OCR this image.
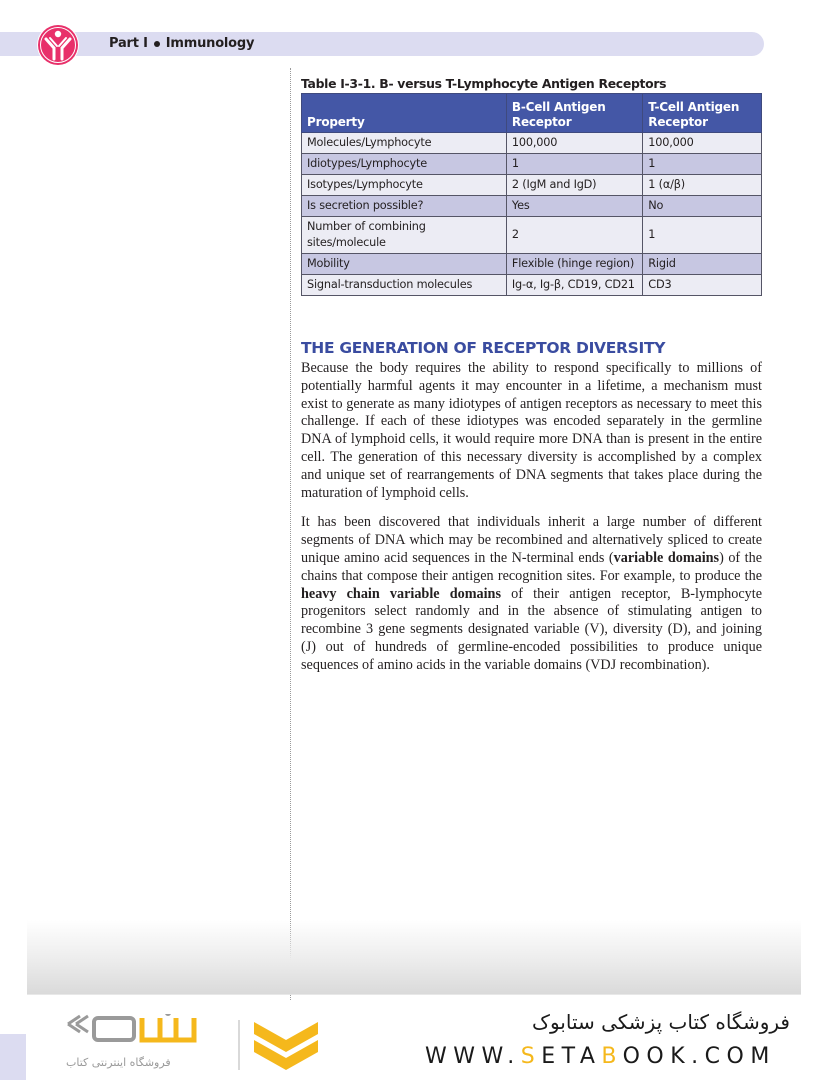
Part I Immunology
Table I-3-1. B- versus T-Lymphocyte Antigen Receptors
Property	B-Cell Antigen Receptor	T-Cell Antigen Receptor
Molecules/Lymphocyte	100,000	100,000
Idiotypes/Lymphocyte	1	1
Isotypes/Lymphocyte	2 (IgM and IgD)	1 (α/β)
Is secretion possible?	Yes	No
Number of combining sites/molecule	2	1
Mobility	Flexible (hinge region)	Rigid
Signal-transduction molecules	Ig-α, Ig-β, CD19, CD21	CD3
THE GENERATION OF RECEPTOR DIVERSITY

Because the body requires the ability to respond specifically to millions of potentially harmful agents it may encounter in a lifetime, a mechanism must exist to generate as many idiotypes of antigen receptors as necessary to meet this challenge. If each of these idiotypes was encoded separately in the germline DNA of lymphoid cells, it would require more DNA than is present in the entire cell. The generation of this necessary diversity is accomplished by a complex and unique set of rearrangements of DNA segments that takes place during the maturation of lymphoid cells.

It has been discovered that individuals inherit a large number of different segments of DNA which may be recombined and alternatively spliced to create unique amino acid sequences in the N-terminal ends (variable domains) of the chains that compose their antigen recognition sites. For example, to produce the heavy chain variable domains of their antigen receptor, B-lymphocyte progenitors select randomly and in the absence of stimulating antigen to recombine 3 gene segments designated variable (V), diversity (D), and joining (J) out of hundreds of germline-encoded possibilities to produce unique sequences of amino acids in the variable domains (VDJ recombination).

فروشگاه اینترنتی کتاب
فروشگاه کتاب پزشکی ستابوک
WWW.SETABOOK.COM
